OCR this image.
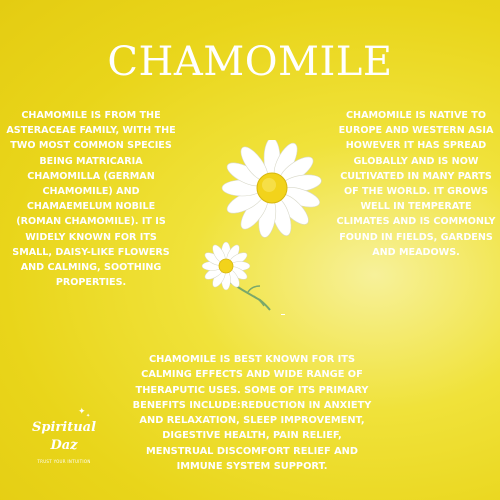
CHAMOMILE
CHAMOMILE IS FROM THE ASTERACEAE FAMILY, WITH THE TWO MOST COMMON SPECIES BEING MATRICARIA CHAMOMILLA (GERMAN CHAMOMILE) AND CHAMAEMELUM NOBILE (ROMAN CHAMOMILE). IT IS WIDELY KNOWN FOR ITS SMALL, DAISY-LIKE FLOWERS AND CALMING, SOOTHING PROPERTIES.
CHAMOMILE IS NATIVE TO EUROPE AND WESTERN ASIA HOWEVER IT HAS SPREAD GLOBALLY AND IS NOW CULTIVATED IN MANY PARTS OF THE WORLD. IT GROWS WELL IN TEMPERATE CLIMATES AND IS COMMONLY FOUND IN FIELDS, GARDENS AND MEADOWS.
CHAMOMILE IS BEST KNOWN FOR ITS CALMING EFFECTS AND WIDE RANGE OF THERAPUTIC USES. SOME OF ITS PRIMARY BENEFITS INCLUDE:REDUCTION IN ANXIETY AND RELAXATION, SLEEP IMPROVEMENT, DIGESTIVE HEALTH, PAIN RELIEF, MENSTRUAL DISCOMFORT RELIEF AND IMMUNE SYSTEM SUPPORT.
✦ ✦
Spiritual
Daz
TRUST YOUR INTUITION
